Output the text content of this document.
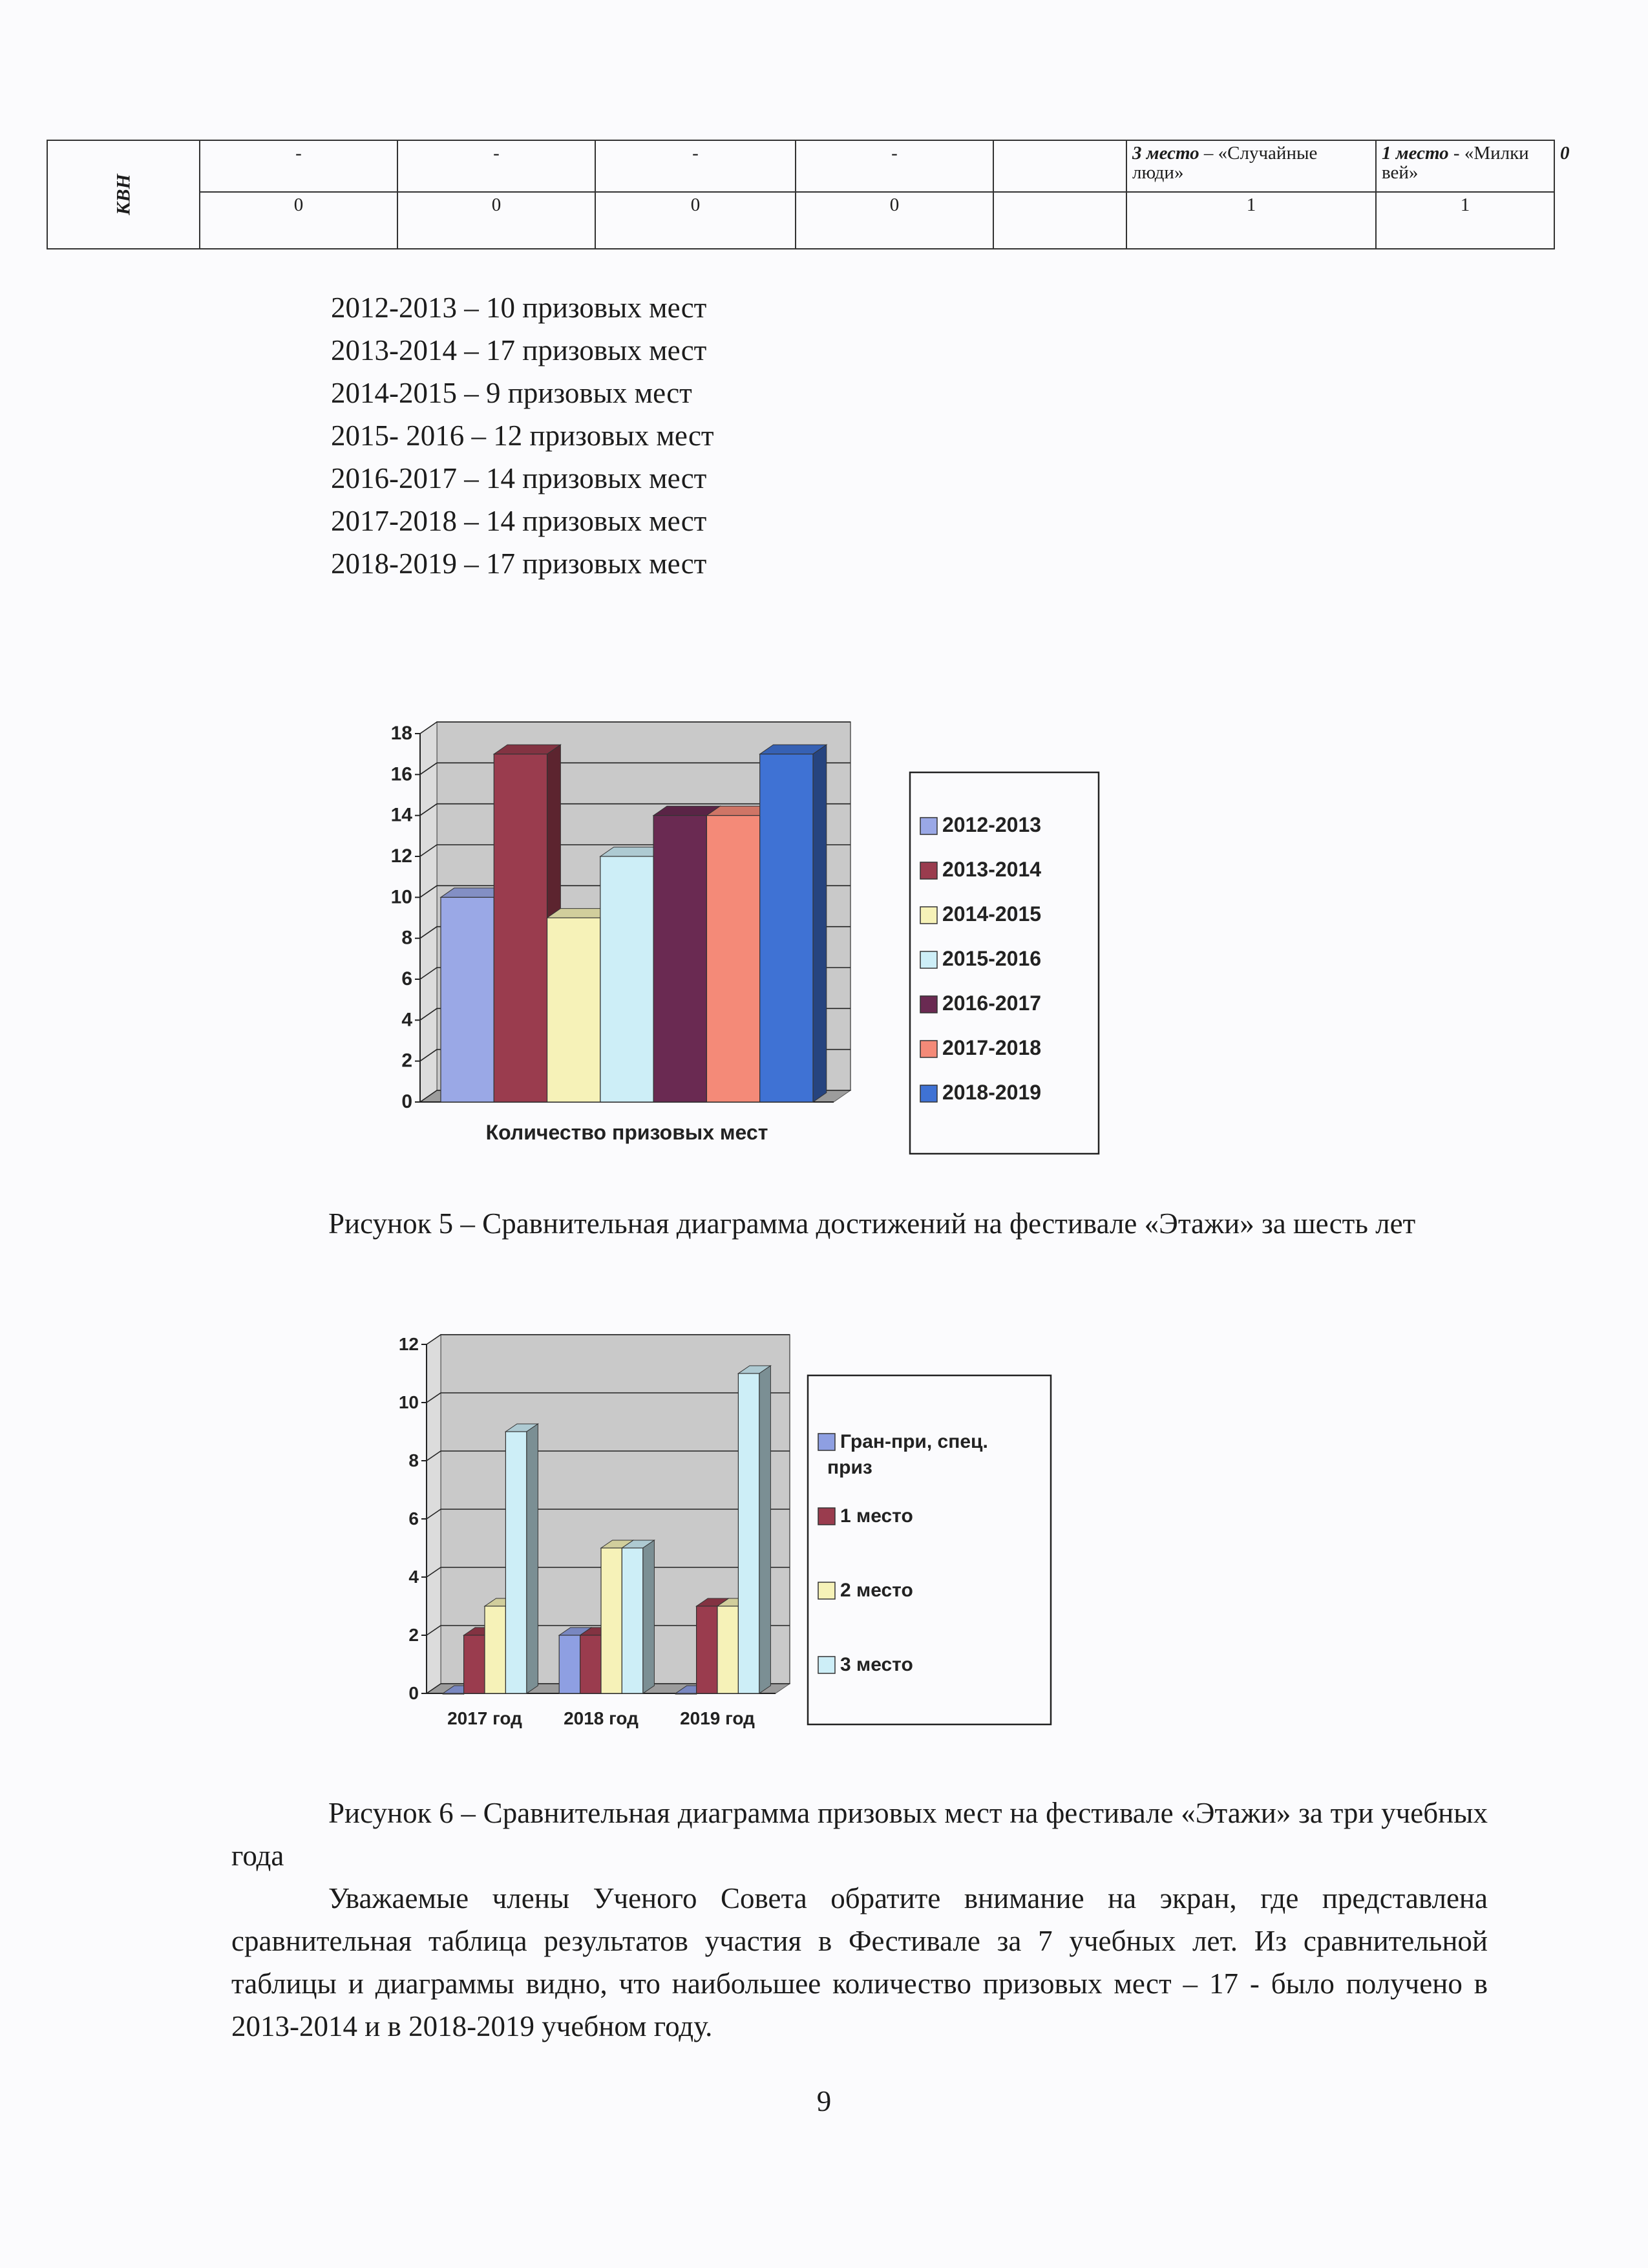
КВН	-	-	-	-		3 место – «Случайные люди»	1 место - «Милки вей»	0
	0	0	0	0		1	1	
2012-2013 – 10 призовых мест
2013-2014 – 17 призовых мест
2014-2015 – 9 призовых мест
2015- 2016 – 12 призовых мест
2016-2017 – 14 призовых мест
2017-2018 – 14 призовых мест
2018-2019 – 17 призовых мест
0
2
4
6
8
10
12
14
16
18
Количество призовых мест
2012-2013
2013-2014
2014-2015
2015-2016
2016-2017
2017-2018
2018-2019
Рисунок 5 – Сравнительная диаграмма достижений на фестивале «Этажи» за шесть лет
0
2
4
6
8
10
12
2017 год 2018 год 2019 год
Гран-при, спец. приз
1 место
2 место
3 место
Рисунок 6 – Сравнительная диаграмма призовых мест на фестивале «Этажи» за три учебных года
Уважаемые члены Ученого Совета обратите внимание на экран, где представлена сравнительная таблица результатов участия в Фестивале за 7 учебных лет. Из сравнительной таблицы и диаграммы видно, что наибольшее количество призовых мест – 17 - было получено в 2013-2014 и в 2018-2019 учебном году.
9
